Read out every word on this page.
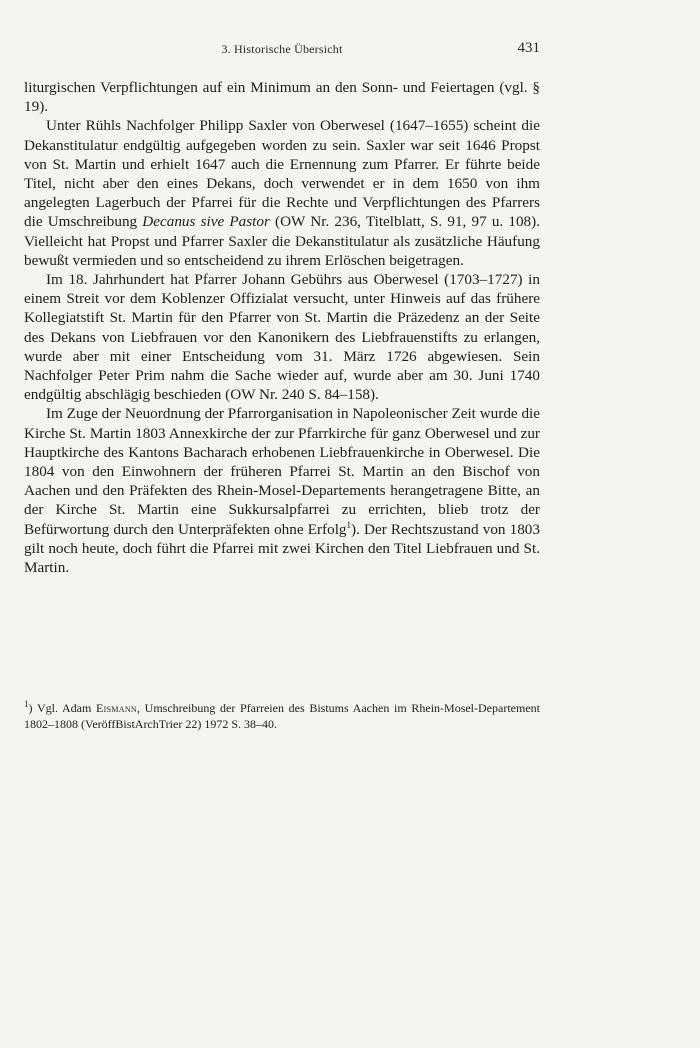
3. Historische Übersicht	431

liturgischen Verpflichtungen auf ein Minimum an den Sonn- und Feiertagen (vgl. § 19).

Unter Rühls Nachfolger Philipp Saxler von Oberwesel (1647–1655) scheint die Dekanstitulatur endgültig aufgegeben worden zu sein. Saxler war seit 1646 Propst von St. Martin und erhielt 1647 auch die Ernennung zum Pfarrer. Er führte beide Titel, nicht aber den eines Dekans, doch verwendet er in dem 1650 von ihm angelegten Lagerbuch der Pfarrei für die Rechte und Verpflichtungen des Pfarrers die Umschreibung Decanus sive Pastor (OW Nr. 236, Titelblatt, S. 91, 97 u. 108). Vielleicht hat Propst und Pfarrer Saxler die Dekanstitulatur als zusätzliche Häufung bewußt vermieden und so entscheidend zu ihrem Erlöschen beigetragen.

Im 18. Jahrhundert hat Pfarrer Johann Gebührs aus Oberwesel (1703–1727) in einem Streit vor dem Koblenzer Offizialat versucht, unter Hinweis auf das frühere Kollegiatstift St. Martin für den Pfarrer von St. Martin die Präzedenz an der Seite des Dekans von Liebfrauen vor den Kanonikern des Liebfrauenstifts zu erlangen, wurde aber mit einer Entscheidung vom 31. März 1726 abgewiesen. Sein Nachfolger Peter Prim nahm die Sache wieder auf, wurde aber am 30. Juni 1740 endgültig abschlägig beschieden (OW Nr. 240 S. 84–158).

Im Zuge der Neuordnung der Pfarrorganisation in Napoleonischer Zeit wurde die Kirche St. Martin 1803 Annexkirche der zur Pfarrkirche für ganz Oberwesel und zur Hauptkirche des Kantons Bacharach erhobenen Liebfrauenkirche in Oberwesel. Die 1804 von den Einwohnern der früheren Pfarrei St. Martin an den Bischof von Aachen und den Präfekten des Rhein-Mosel-Departements herangetragene Bitte, an der Kirche St. Martin eine Sukkursalpfarrei zu errichten, blieb trotz der Befürwortung durch den Unterpräfekten ohne Erfolg$^1$). Der Rechtszustand von 1803 gilt noch heute, doch führt die Pfarrei mit zwei Kirchen den Titel Liebfrauen und St. Martin.

$^1$) Vgl. Adam Eismann, Umschreibung der Pfarreien des Bistums Aachen im Rhein-Mosel-Departement 1802–1808 (VeröffBistArchTrier 22) 1972 S. 38–40.
